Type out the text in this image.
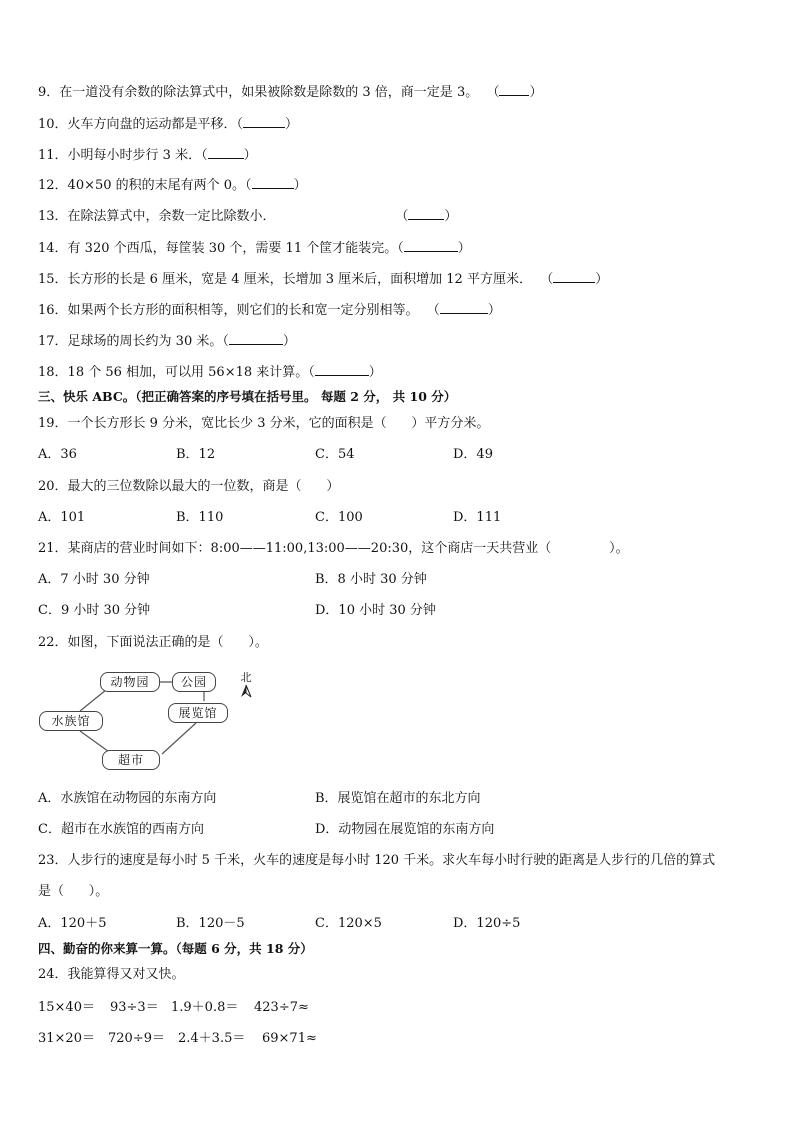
9．在一道没有余数的除法算式中，如果被除数是除数的 3 倍，商一定是 3。  （ ）
10．火车方向盘的运动都是平移．（	）
11．小明每小时步行 3 米．（	）
12．40×50 的积的末尾有两个 0。（	）
13．在除法算式中，余数一定比除数小．                             （	）
14．有 320 个西瓜，每筐装 30 个，需要 11 个筐才能装完。（	）
15．长方形的长是 6 厘米，宽是 4 厘米，长增加 3 厘米后，面积增加 12 平方厘米．  （	）
16．如果两个长方形的面积相等，则它们的长和宽一定分别相等。  （	）
17．足球场的周长约为 30 米。（	）
18．18 个 56 相加，可以用 56×18 来计算。（	）
三、快乐 ABC。（把正确答案的序号填在括号里。 每题 2 分， 共 10 分）
19．一个长方形长 9 分米，宽比长少 3 分米，它的面积是（      ）平方分米。
A．36	B．12	C．54	D．49
20．最大的三位数除以最大的一位数，商是（      ）
A．101	B．110	C．100	D．111
21．某商店的营业时间如下：8:00——11:00,13:00——20:30，这个商店一天共营业（              ）。
A．7 小时 30 分钟	B．8 小时 30 分钟
C．9 小时 30 分钟	D．10 小时 30 分钟
22．如图，下面说法正确的是（      ）。
动物园	公园
水族馆
展览馆
超市
北
A．水族馆在动物园的东南方向	B．展览馆在超市的东北方向
C．超市在水族馆的西南方向	D．动物园在展览馆的东南方向
23．人步行的速度是每小时 5 千米，火车的速度是每小时 120 千米。求火车每小时行驶的距离是人步行的几倍的算式
是（      ）。
A．120＋5	B．120－5	C．120×5	D．120÷5
四、勤奋的你来算一算。（每题 6 分，共 18 分）
24．我能算得又对又快。
15×40＝ 93÷3＝ 1.9＋0.8＝ 423÷7≈
31×20＝ 720÷9＝ 2.4＋3.5＝ 69×71≈
